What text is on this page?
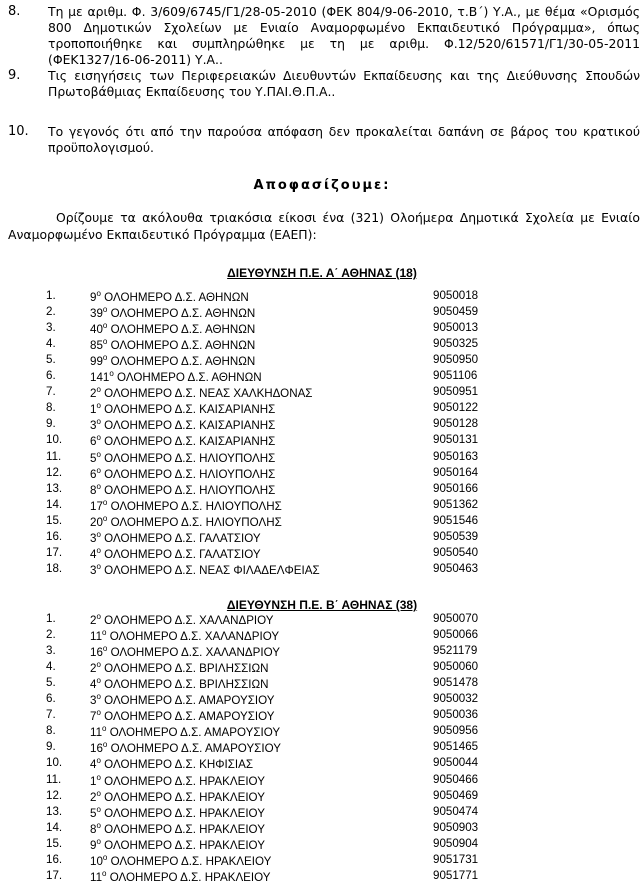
8.	Τη με αριθμ. Φ. 3/609/6745/Γ1/28-05-2010 (ΦΕΚ 804/9-06-2010, τ.Β΄) Υ.Α., με θέμα «Ορισμός 800 Δημοτικών Σχολείων με Ενιαίο Αναμορφωμένο Εκπαιδευτικό Πρόγραμμα», όπως τροποποιήθηκε και συμπληρώθηκε με τη με αριθμ. Φ.12/520/61571/Γ1/30-05-2011 (ΦΕΚ1327/16-06-2011) Υ.Α..
9.	Τις εισηγήσεις των Περιφερειακών Διευθυντών Εκπαίδευσης και της Διεύθυνσης Σπουδών Πρωτοβάθμιας Εκπαίδευσης του Υ.ΠΑΙ.Θ.Π.Α..
10.	Το γεγονός ότι από την παρούσα απόφαση δεν προκαλείται δαπάνη σε βάρος του κρατικού προϋπολογισμού.
Αποφασίζουμε:
Ορίζουμε τα ακόλουθα τριακόσια είκοσι ένα (321) Ολοήμερα Δημοτικά Σχολεία με Ενιαίο Αναμορφωμένο Εκπαιδευτικό Πρόγραμμα (ΕΑΕΠ):
ΔΙΕΥΘΥΝΣΗ Π.Ε. Α΄ ΑΘΗΝΑΣ (18)
1.	$9^o$ ΟΛΟΗΜΕΡΟ Δ.Σ. ΑΘΗΝΩΝ	9050018
2.	$39^o$ ΟΛΟΗΜΕΡΟ Δ.Σ. ΑΘΗΝΩΝ	9050459
3.	$40^o$ ΟΛΟΗΜΕΡΟ Δ.Σ. ΑΘΗΝΩΝ	9050013
4.	$85^o$ ΟΛΟΗΜΕΡΟ Δ.Σ. ΑΘΗΝΩΝ	9050325
5.	$99^o$ ΟΛΟΗΜΕΡΟ Δ.Σ. ΑΘΗΝΩΝ	9050950
6.	$141^o$ ΟΛΟΗΜΕΡΟ Δ.Σ. ΑΘΗΝΩΝ	9051106
7.	$2^o$ ΟΛΟΗΜΕΡΟ Δ.Σ. ΝΕΑΣ ΧΑΛΚΗΔΟΝΑΣ	9050951
8.	$1^o$ ΟΛΟΗΜΕΡΟ Δ.Σ. ΚΑΙΣΑΡΙΑΝΗΣ	9050122
9.	$3^o$ ΟΛΟΗΜΕΡΟ Δ.Σ. ΚΑΙΣΑΡΙΑΝΗΣ	9050128
10. $6^o$ ΟΛΟΗΜΕΡΟ Δ.Σ. ΚΑΙΣΑΡΙΑΝΗΣ	9050131
11. $5^o$ ΟΛΟΗΜΕΡΟ Δ.Σ. ΗΛΙΟΥΠΟΛΗΣ	9050163
12. $6^o$ ΟΛΟΗΜΕΡΟ Δ.Σ. ΗΛΙΟΥΠΟΛΗΣ	9050164
13. $8^o$ ΟΛΟΗΜΕΡΟ Δ.Σ. ΗΛΙΟΥΠΟΛΗΣ	9050166
14. $17^o$ ΟΛΟΗΜΕΡΟ Δ.Σ. ΗΛΙΟΥΠΟΛΗΣ	9051362
15. $20^o$ ΟΛΟΗΜΕΡΟ Δ.Σ. ΗΛΙΟΥΠΟΛΗΣ	9051546
16. $3^o$ ΟΛΟΗΜΕΡΟ Δ.Σ. ΓΑΛΑΤΣΙΟΥ	9050539
17. $4^o$ ΟΛΟΗΜΕΡΟ Δ.Σ. ΓΑΛΑΤΣΙΟΥ	9050540
18. $3^o$ ΟΛΟΗΜΕΡΟ Δ.Σ. ΝΕΑΣ ΦΙΛΑΔΕΛΦΕΙΑΣ	9050463
ΔΙΕΥΘΥΝΣΗ Π.Ε. Β΄ ΑΘΗΝΑΣ (38)
1.	$2^o$ ΟΛΟΗΜΕΡΟ Δ.Σ. ΧΑΛΑΝΔΡΙΟΥ	9050070
2.	$11^o$ ΟΛΟΗΜΕΡΟ Δ.Σ. ΧΑΛΑΝΔΡΙΟΥ	9050066
3.	$16^o$ ΟΛΟΗΜΕΡΟ Δ.Σ. ΧΑΛΑΝΔΡΙΟΥ	9521179
4.	$2^o$ ΟΛΟΗΜΕΡΟ Δ.Σ. ΒΡΙΛΗΣΣΙΩΝ	9050060
5.	$4^o$ ΟΛΟΗΜΕΡΟ Δ.Σ. ΒΡΙΛΗΣΣΙΩΝ	9051478
6.	$3^o$ ΟΛΟΗΜΕΡΟ Δ.Σ. ΑΜΑΡΟΥΣΙΟΥ	9050032
7.	$7^o$ ΟΛΟΗΜΕΡΟ Δ.Σ. ΑΜΑΡΟΥΣΙΟΥ	9050036
8.	$11^o$ ΟΛΟΗΜΕΡΟ Δ.Σ. ΑΜΑΡΟΥΣΙΟΥ	9050956
9.	$16^o$ ΟΛΟΗΜΕΡΟ Δ.Σ. ΑΜΑΡΟΥΣΙΟΥ	9051465
10. $4^o$ ΟΛΟΗΜΕΡΟ Δ.Σ. ΚΗΦΙΣΙΑΣ	9050044
11. $1^o$ ΟΛΟΗΜΕΡΟ Δ.Σ. ΗΡΑΚΛΕΙΟΥ	9050466
12. $2^o$ ΟΛΟΗΜΕΡΟ Δ.Σ. ΗΡΑΚΛΕΙΟΥ	9050469
13. $5^o$ ΟΛΟΗΜΕΡΟ Δ.Σ. ΗΡΑΚΛΕΙΟΥ	9050474
14. $8^o$ ΟΛΟΗΜΕΡΟ Δ.Σ. ΗΡΑΚΛΕΙΟΥ	9050903
15. $9^o$ ΟΛΟΗΜΕΡΟ Δ.Σ. ΗΡΑΚΛΕΙΟΥ	9050904
16. $10^o$ ΟΛΟΗΜΕΡΟ Δ.Σ. ΗΡΑΚΛΕΙΟΥ	9051731
17. $11^o$ ΟΛΟΗΜΕΡΟ Δ.Σ. ΗΡΑΚΛΕΙΟΥ	9051771
